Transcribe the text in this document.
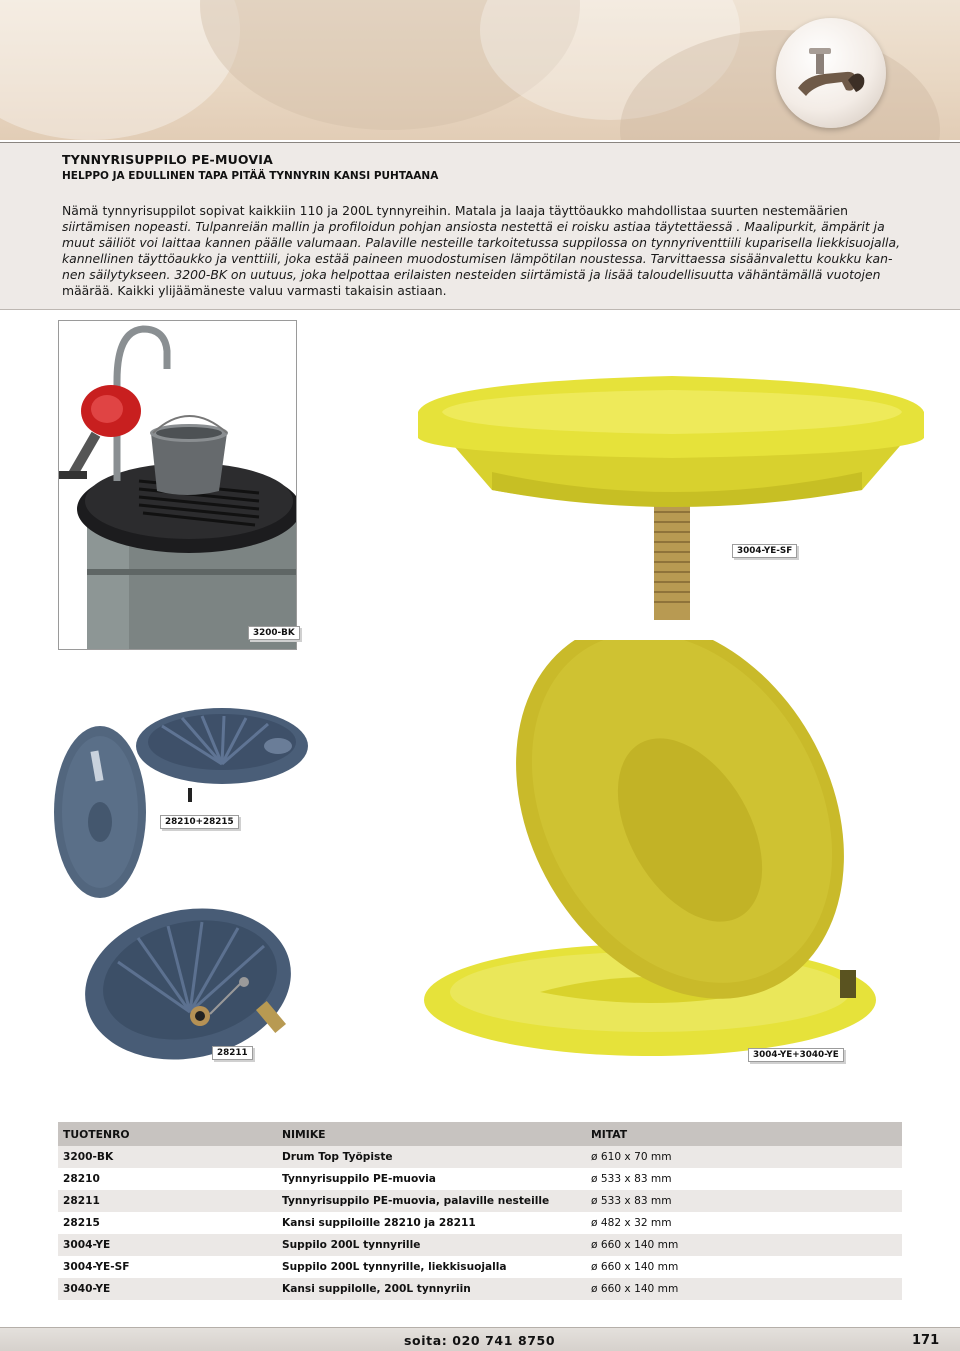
TYNNYRISUPPILO PE-MUOVIA
HELPPO JA EDULLINEN TAPA PITÄÄ TYNNYRIN KANSI PUHTAANA
Nämä tynnyrisuppilot sopivat kaikkiin 110 ja 200L tynnyreihin. Matala ja laaja täyttöaukko mahdollistaa suurten nestemäärien
siirtämisen nopeasti. Tulpanreiän mallin ja profiloidun pohjan ansiosta nestettä ei roisku astiaa täytettäessä . Maalipurkit, ämpärit ja
muut säiliöt voi laittaa kannen päälle valumaan. Palaville nesteille tarkoitetussa suppilossa on tynnyriventtiili kuparisella liekkisuojalla,
kannellinen täyttöaukko ja venttiili, joka estää paineen muodostumisen lämpötilan noustessa. Tarvittaessa sisäänvalettu koukku kan-
nen säilytykseen. 3200-BK on uutuus, joka helpottaa erilaisten nesteiden siirtämistä ja lisää taloudellisuutta vähäntämällä vuotojen
määrää. Kaikki ylijäämäneste valuu varmasti takaisin astiaan.
3200-BK
3004-YE-SF
28210+28215
28211	3004-YE+3040-YE
TUOTENRO	NIMIKE	MITAT
3200-BK	Drum Top Työpiste	ø 610 x 70 mm
28210	Tynnyrisuppilo PE-muovia	ø 533 x 83 mm
28211	Tynnyrisuppilo PE-muovia, palaville nesteille	ø 533 x 83 mm
28215	Kansi suppiloille 28210 ja 28211	ø 482 x 32 mm
3004-YE	Suppilo 200L tynnyrille	ø 660 x 140 mm
3004-YE-SF	Suppilo 200L tynnyrille, liekkisuojalla	ø 660 x 140 mm
3040-YE	Kansi suppilolle, 200L tynnyriin	ø 660 x 140 mm
soita: 020 741 8750	171
